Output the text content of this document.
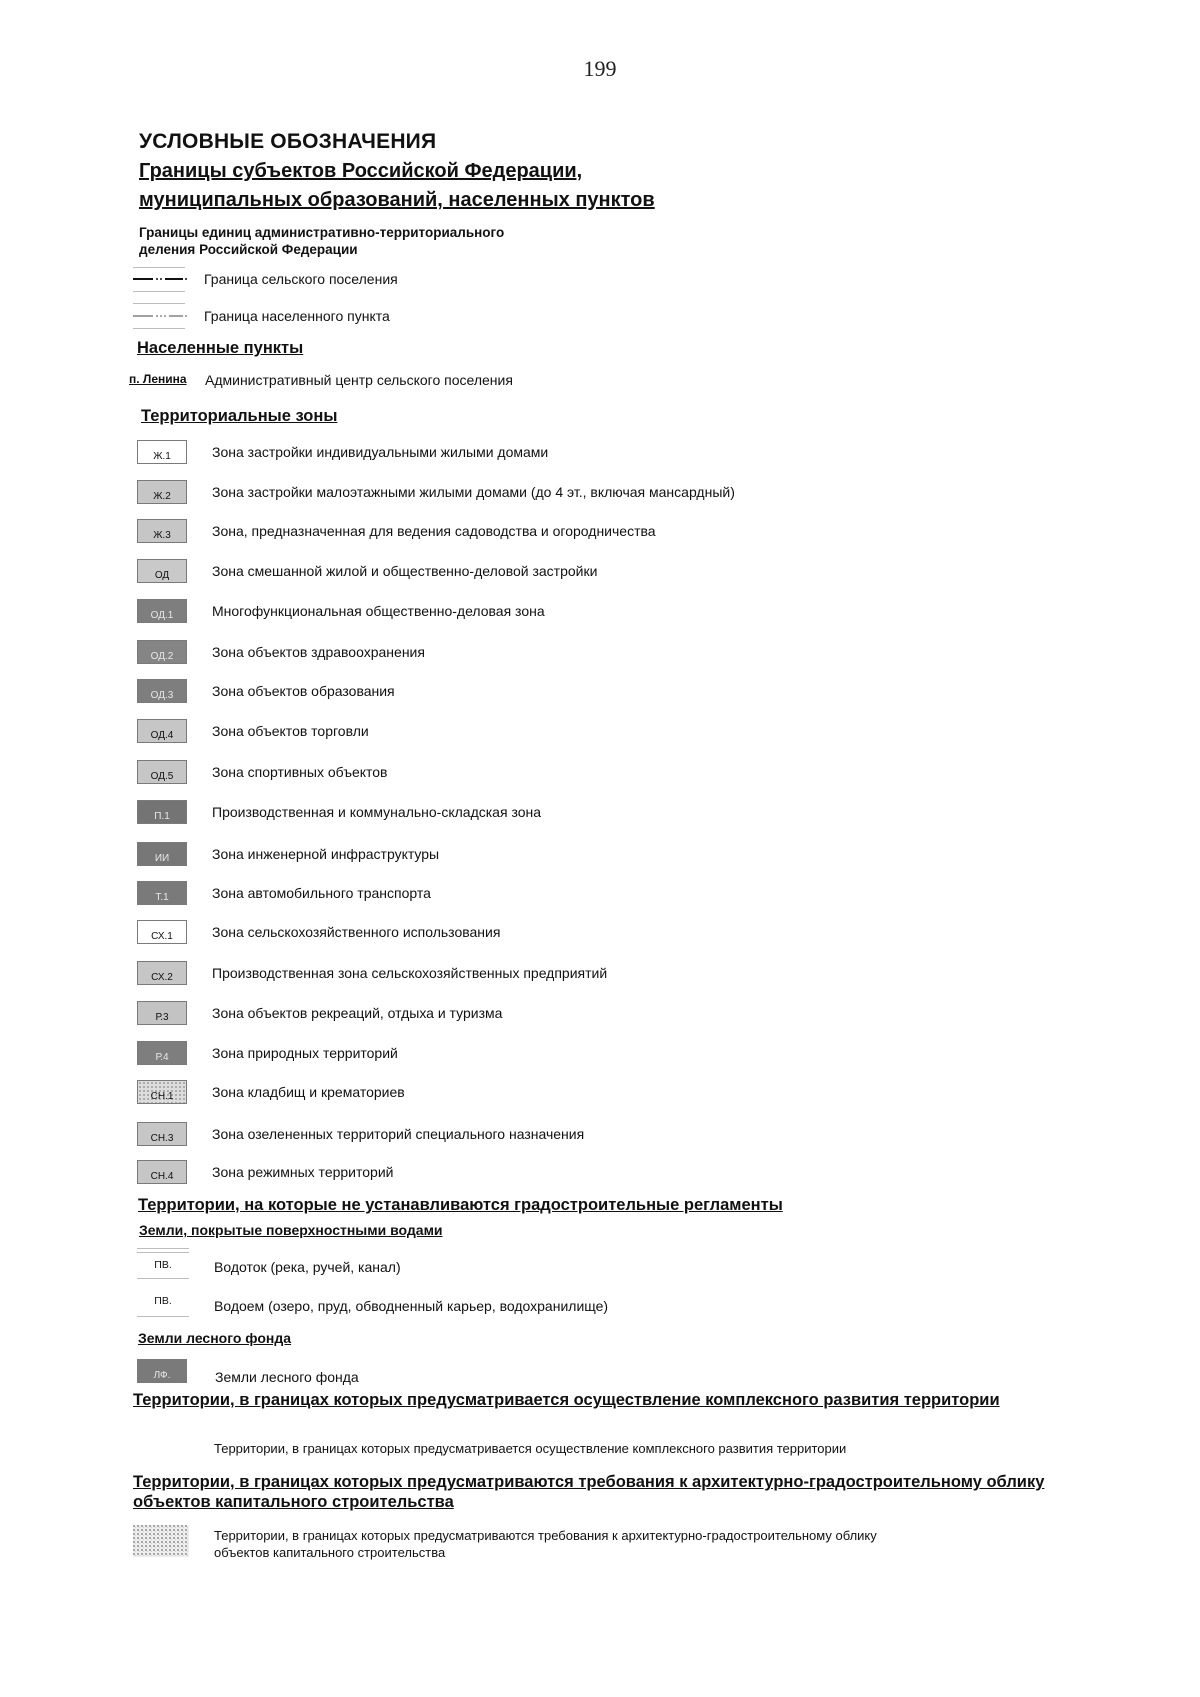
199
УСЛОВНЫЕ ОБОЗНАЧЕНИЯ
Границы субъектов Российской Федерации,
муниципальных образований, населенных пунктов
Границы единиц административно-территориального
деления Российской Федерации
Граница сельского поселения
Граница населенного пункта
Населенные пункты
п. Ленина Административный центр сельского поселения
Территориальные зоны
Ж.1	Зона застройки индивидуальными жилыми домами
Ж.2	Зона застройки малоэтажными жилыми домами (до 4 эт., включая мансардный)
Ж.3	Зона, предназначенная для ведения садоводства и огородничества
ОД	Зона смешанной жилой и общественно-деловой застройки
ОД.1	Многофункциональная общественно-деловая зона
ОД.2	Зона объектов здравоохранения
ОД.3	Зона объектов образования
ОД.4	Зона объектов торговли
ОД.5	Зона спортивных объектов
П.1	Производственная и коммунально-складская зона
ИИ	Зона инженерной инфраструктуры
Т.1	Зона автомобильного транспорта
СХ.1	Зона сельскохозяйственного использования
СХ.2	Производственная зона сельскохозяйственных предприятий
Р.3	Зона объектов рекреаций, отдыха и туризма
Р.4	Зона природных территорий
СН.1	Зона кладбищ и крематориев
СН.3	Зона озелененных территорий специального назначения
СН.4	Зона режимных территорий
Территории, на которые не устанавливаются градостроительные регламенты
Земли, покрытые поверхностными водами
ПВ.	Водоток (река, ручей, канал)
ПВ.	Водоем (озеро, пруд, обводненный карьер, водохранилище)
Земли лесного фонда
ЛФ.	Земли лесного фонда
Территории, в границах которых предусматривается осуществление комплексного развития территории
Территории, в границах которых предусматривается осуществление комплексного развития территории
Территории, в границах которых предусматриваются требования к архитектурно-градостроительному облику
объектов капитального строительства
Территории, в границах которых предусматриваются требования к архитектурно-градостроительному облику
объектов капитального строительства
